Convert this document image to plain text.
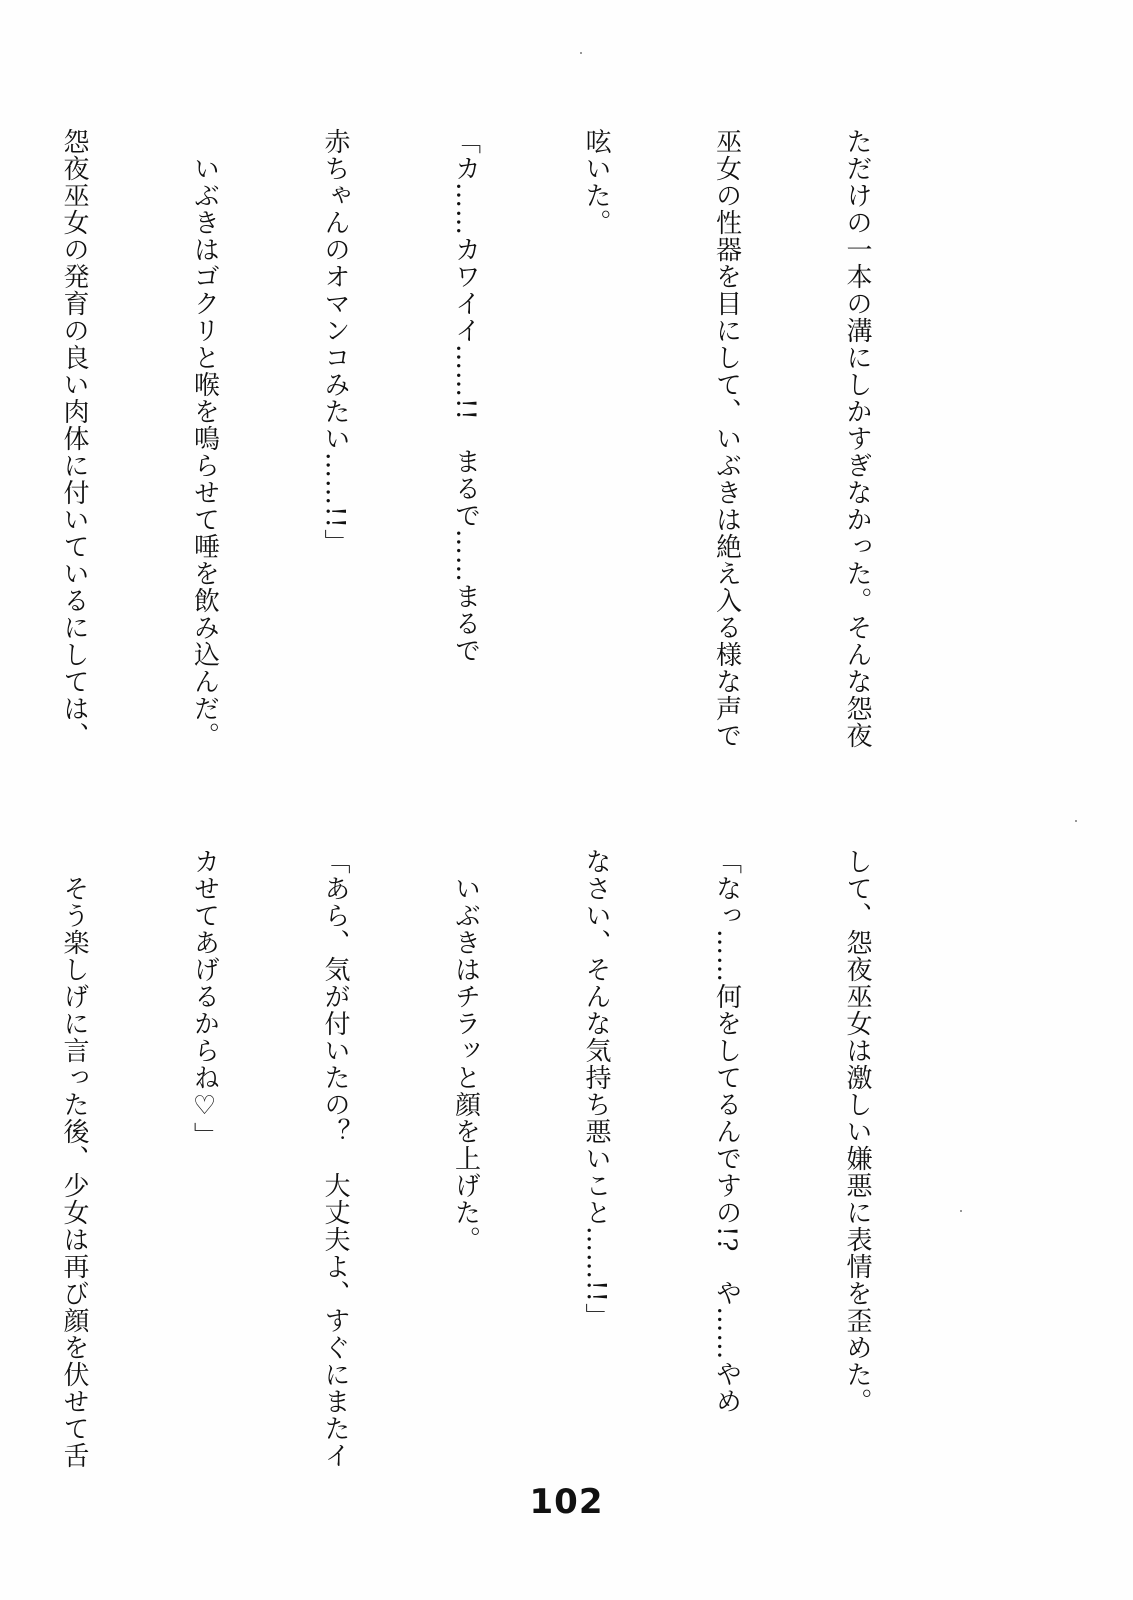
ただけの一本の溝にしかすぎなかった。そんな怨夜

巫女の性器を目にして、いぶきは絶え入る様な声で

呟いた。

「カ……カワイイ……!!　まるで……まるで

赤ちゃんのオマンコみたい……!!」

　いぶきはゴクリと喉を鳴らせて唾を飲み込んだ。

怨夜巫女の発育の良い肉体に付いているにしては、

して、怨夜巫女は激しい嫌悪に表情を歪めた。

「なっ……何をしてるんですの!?　や……やめ

なさい、そんな気持ち悪いこと……!!」

　いぶきはチラッと顔を上げた。

「あら、気が付いたの？　大丈夫よ、すぐにまたイ

カせてあげるからね♡」

　そう楽しげに言った後、少女は再び顔を伏せて舌

102
